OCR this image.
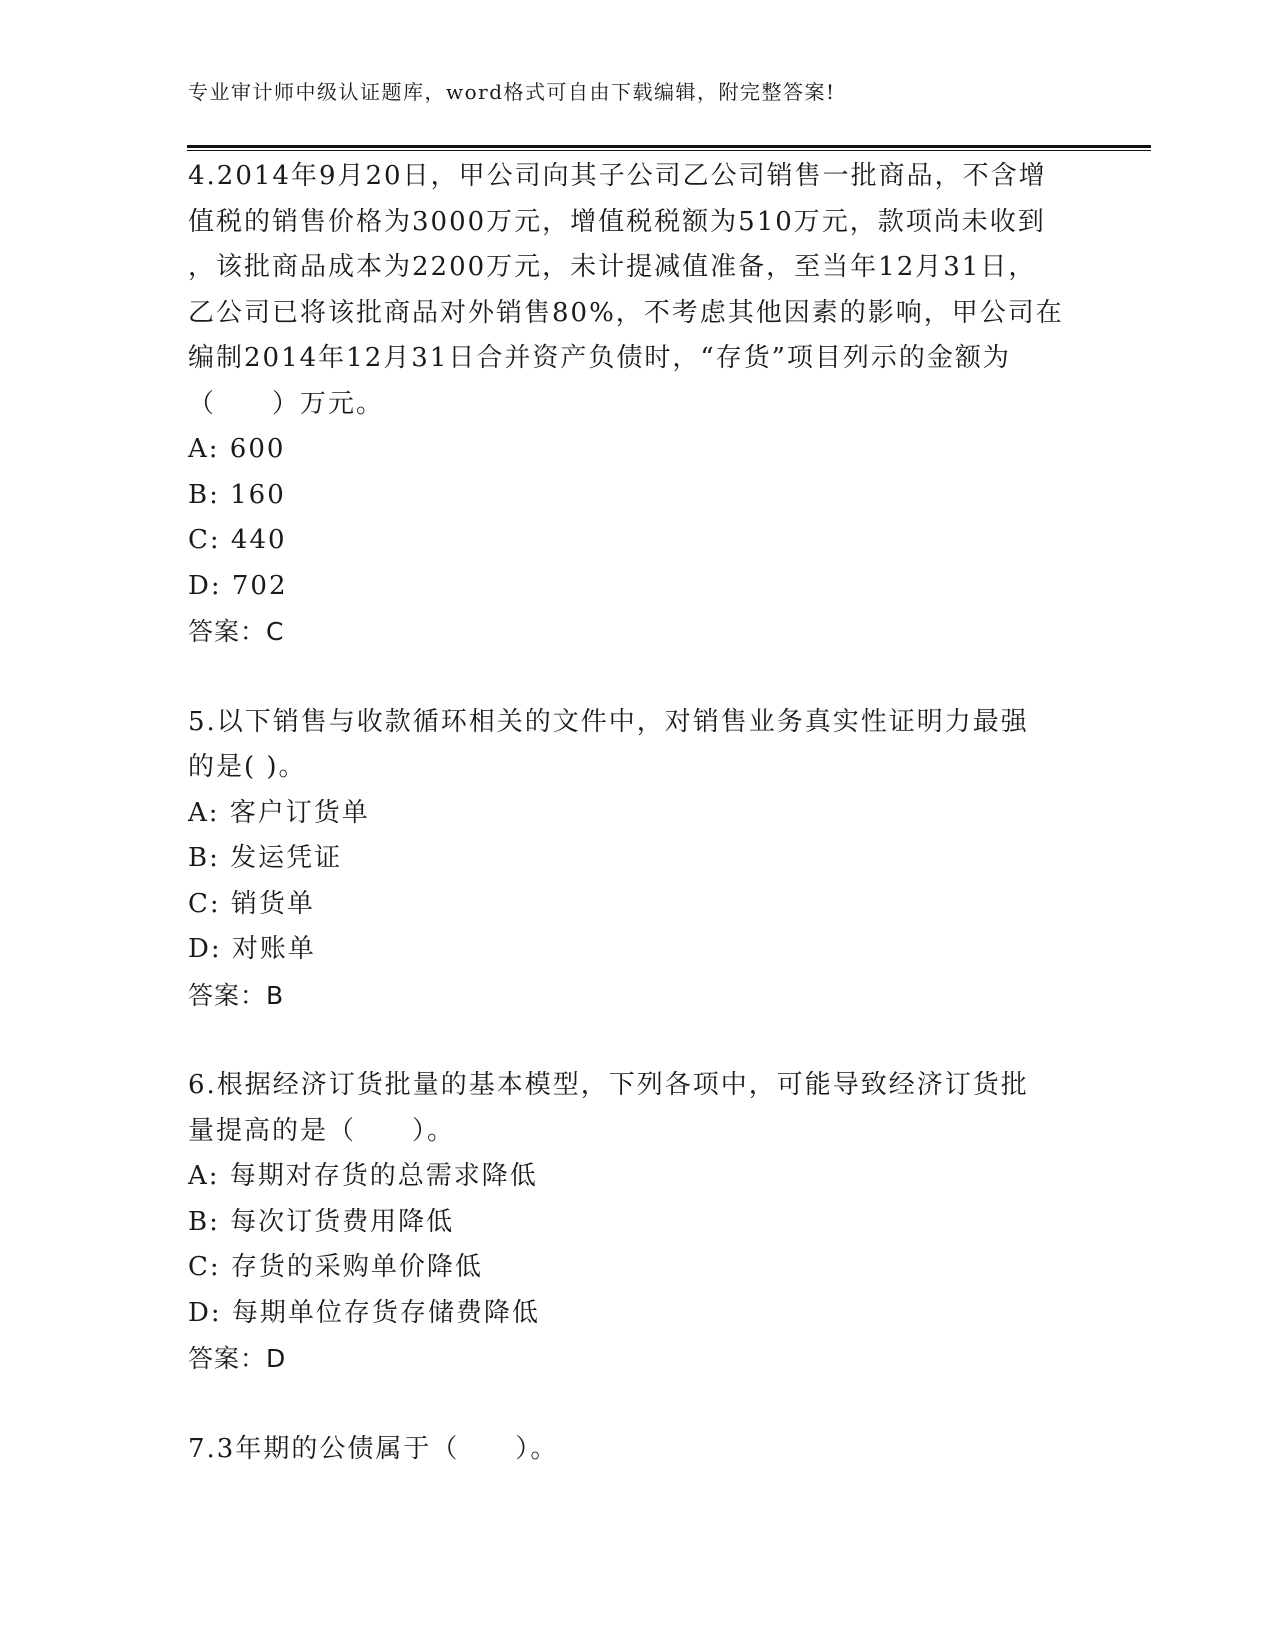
专业审计师中级认证题库，word格式可自由下载编辑，附完整答案!
4.2014年9月20日，甲公司向其子公司乙公司销售一批商品，不含增
值税的销售价格为3000万元，增值税税额为510万元，款项尚未收到
，该批商品成本为2200万元，未计提减值准备，至当年12月31日，
乙公司已将该批商品对外销售80%，不考虑其他因素的影响，甲公司在
编制2014年12月31日合并资产负债时，“存货”项目列示的金额为
（　　）万元。
A: 600
B: 160
C: 440
D: 702
答案：C
5.以下销售与收款循环相关的文件中，对销售业务真实性证明力最强
的是( )。
A: 客户订货单
B: 发运凭证
C: 销货单
D: 对账单
答案：B
6.根据经济订货批量的基本模型，下列各项中，可能导致经济订货批
量提高的是（　　）。
A: 每期对存货的总需求降低
B: 每次订货费用降低
C: 存货的采购单价降低
D: 每期单位存货存储费降低
答案：D
7.3年期的公债属于（　　）。
